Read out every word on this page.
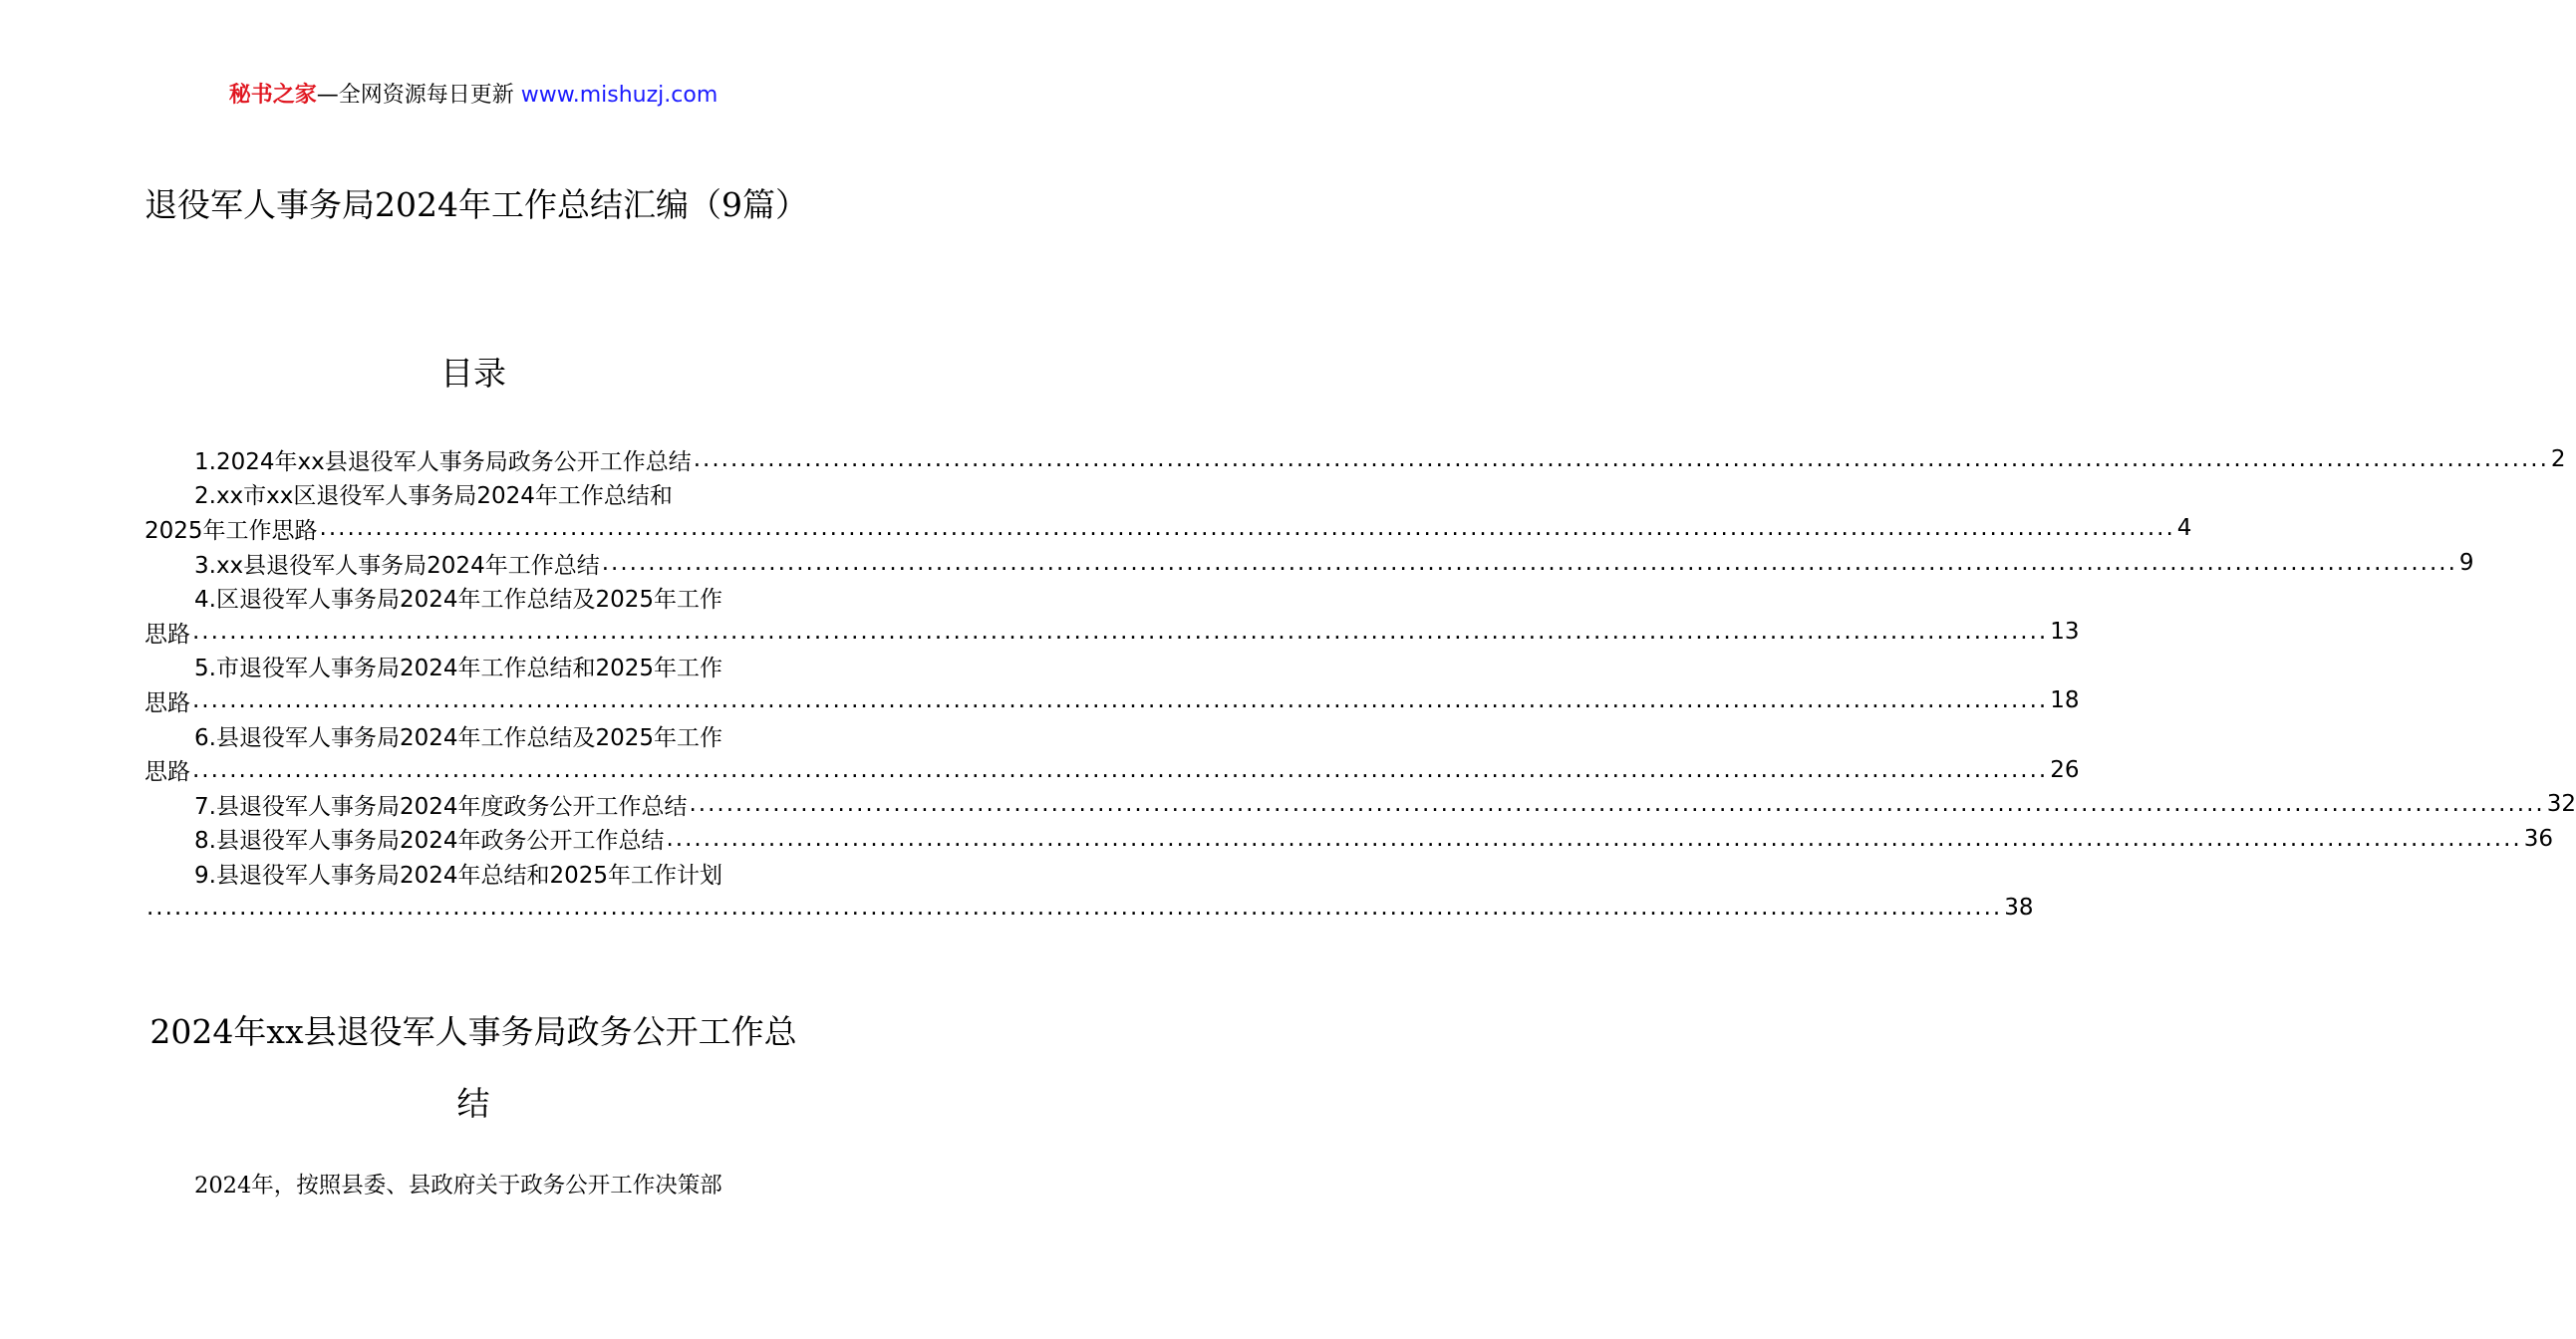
秘书之家—全网资源每日更新 www.mishuzj.com
退役军人事务局2024年工作总结汇编（9篇）
目录
1.2024年xx县退役军人事务局政务公开工作总结 ........................................................................................................................................................................................................ 2
2.xx市xx区退役军人事务局2024年工作总结和
2025年工作思路 ........................................................................................................................................................................................................ 4
3.xx县退役军人事务局2024年工作总结 ........................................................................................................................................................................................................ 9
4.区退役军人事务局2024年工作总结及2025年工作
思路 ........................................................................................................................................................................................................ 13
5.市退役军人事务局2024年工作总结和2025年工作
思路 ........................................................................................................................................................................................................ 18
6.县退役军人事务局2024年工作总结及2025年工作
思路 ........................................................................................................................................................................................................ 26
7.县退役军人事务局2024年度政务公开工作总结 ........................................................................................................................................................................................................ 32
8.县退役军人事务局2024年政务公开工作总结 ........................................................................................................................................................................................................ 36
9.县退役军人事务局2024年总结和2025年工作计划
........................................................................................................................................................................................................ 38
2024年xx县退役军人事务局政务公开工作总结

2024年，按照县委、县政府关于政务公开工作决策部
